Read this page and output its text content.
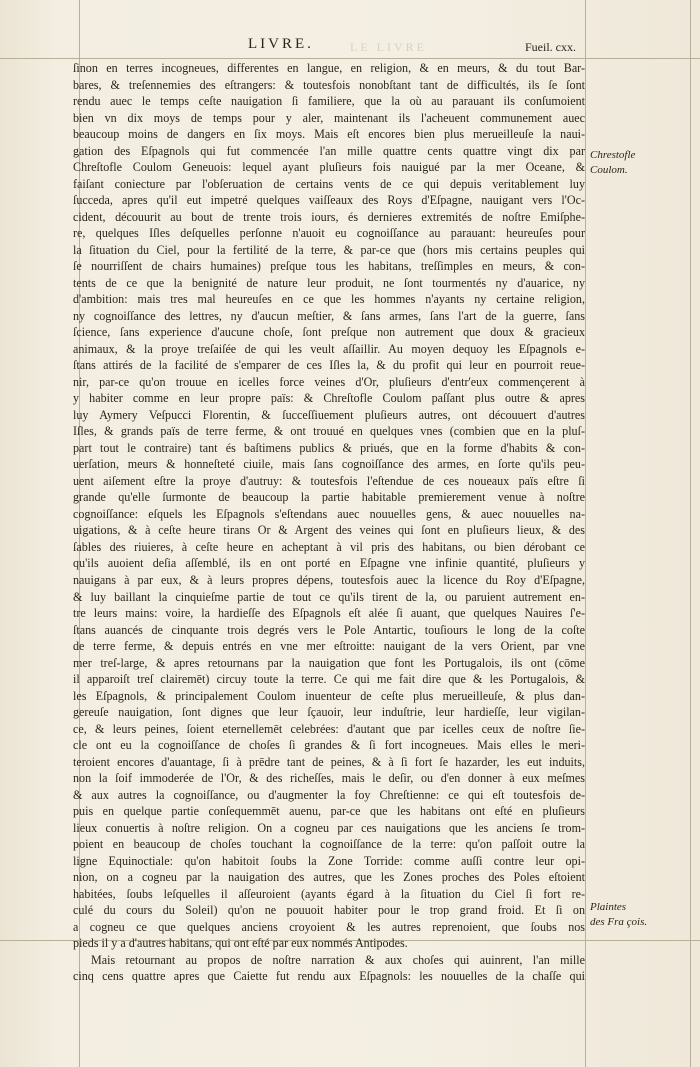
LIVRE.	LE LIVRE	Fueil. cxx.
ſinon en terres incogneues, differentes en langue, en religion, & en meurs, & du tout Bar-
bares, & treſennemies des eſtrangers: & toutesfois nonobſtant tant de difficultés, ils ſe ſont
rendu auec le temps ceſte nauigation ſi familiere, que la où au parauant ils conſumoient
bien vn dix moys de temps pour y aler, maintenant ils l'acheuent communement auec
beaucoup moins de dangers en ſix moys. Mais eſt encores bien plus merueilleuſe la naui-
gation des Eſpagnols qui fut commencée l'an mille quattre cents quattre vingt dix par
Chreſtofle Coulom Geneuois: lequel ayant pluſieurs fois nauigué par la mer Oceane, &
faiſant coniecture par l'obſeruation de certains vents de ce qui depuis veritablement luy
ſucceda, apres qu'il eut impetré quelques vaiſſeaux des Roys d'Eſpagne, nauigant vers l'Oc-
cident, découurit au bout de trente trois iours, és dernieres extremités de noſtre Emiſphe-
re, quelques Iſles deſquelles perſonne n'auoit eu cognoiſſance au parauant: heureuſes pour
la ſituation du Ciel, pour la fertilité de la terre, & par-ce que (hors mis certains peuples qui
ſe nourriſſent de chairs humaines) preſque tous les habitans, treſſimples en meurs, & con-
tents de ce que la benignité de nature leur produit, ne ſont tourmentés ny d'auarice, ny
d'ambition: mais tres mal heureuſes en ce que les hommes n'ayants ny certaine religion,
ny cognoiſſance des lettres, ny d'aucun meſtier, & ſans armes, ſans l'art de la guerre, ſans
ſcience, ſans experience d'aucune choſe, ſont preſque non autrement que doux & gracieux
animaux, & la proye treſaiſée de qui les veult aſſaillir. Au moyen dequoy les Eſpagnols e-
ſtans attirés de la facilité de s'emparer de ces Iſles la, & du profit qui leur en pourroit reue-
nir, par-ce qu'on trouue en icelles force veines d'Or, pluſieurs d'entr'eux commençerent à
y habiter comme en leur propre païs: & Chreſtofle Coulom paſſant plus outre & apres
luy Aymery Veſpucci Florentin, & ſucceſſiuement pluſieurs autres, ont découuert d'autres
Iſles, & grands païs de terre ferme, & ont trouué en quelques vnes (combien que en la pluſ-
part tout le contraire) tant és baſtimens publics & priués, que en la forme d'habits & con-
uerſation, meurs & honneſteté ciuile, mais ſans cognoiſſance des armes, en ſorte qu'ils peu-
uent aiſement eſtre la proye d'autruy: & toutesfois l'eſtendue de ces noueaux païs eſtre ſi
grande qu'elle ſurmonte de beaucoup la partie habitable premierement venue à noſtre
cognoiſſance: eſquels les Eſpagnols s'eſtendans auec nouuelles gens, & auec nouuelles na-
uigations, & à ceſte heure tirans Or & Argent des veines qui ſont en pluſieurs lieux, & des
ſables des riuieres, à ceſte heure en acheptant à vil pris des habitans, ou bien dérobant ce
qu'ils auoient deſia aſſemblé, ils en ont porté en Eſpagne vne infinie quantité, pluſieurs y
nauigans à par eux, & à leurs propres dépens, toutesfois auec la licence du Roy d'Eſpagne,
& luy baillant la cinquieſme partie de tout ce qu'ils tirent de la, ou paruient autrement en-
tre leurs mains: voire, la hardieſſe des Eſpagnols eſt alée ſi auant, que quelques Nauires ſ'e-
ſtans auancés de cinquante trois degrés vers le Pole Antartic, touſiours le long de la coſte
de terre ferme, & depuis entrés en vne mer eſtroitte: nauigant de la vers Orient, par vne
mer treſ-large, & apres retournans par la nauigation que font les Portugalois, ils ont (cōme
il apparoiſt treſ clairemēt) circuy toute la terre. Ce qui me fait dire que & les Portugalois, &
les Eſpagnols, & principalement Coulom inuenteur de ceſte plus merueilleuſe, & plus dan-
gereuſe nauigation, ſont dignes que leur ſçauoir, leur induſtrie, leur hardieſſe, leur vigilan-
ce, & leurs peines, ſoient eternellemēt celebrées: d'autant que par icelles ceux de noſtre ſie-
cle ont eu la cognoiſſance de choſes ſi grandes & ſi fort incogneues. Mais elles le meri-
teroient encores d'auantage, ſi à prēdre tant de peines, & à ſi fort ſe hazarder, les eut induits,
non la ſoif immoderée de l'Or, & des richeſſes, mais le deſir, ou d'en donner à eux meſmes
& aux autres la cognoiſſance, ou d'augmenter la foy Chreſtienne: ce qui eſt toutesfois de-
puis en quelque partie conſequemmēt auenu, par-ce que les habitans ont eſté en pluſieurs
lieux conuertis à noſtre religion. On a cogneu par ces nauigations que les anciens ſe trom-
poient en beaucoup de choſes touchant la cognoiſſance de la terre: qu'on paſſoit outre la
ligne Equinoctiale: qu'on habitoit ſoubs la Zone Torride: comme auſſi contre leur opi-
nion, on a cogneu par la nauigation des autres, que les Zones proches des Poles eſtoient
habitées, ſoubs leſquelles il aſſeuroient (ayants égard à la ſituation du Ciel ſi fort re-
culé du cours du Soleil) qu'on ne pouuoit habiter pour le trop grand froid. Et ſi on
a cogneu ce que quelques anciens croyoient & les autres reprenoient, que ſoubs nos
pieds il y a d'autres habitans, qui ont eſté par eux nommés Antipodes.
Mais retournant au propos de noſtre narration & aux choſes qui auinrent, l'an mille
cinq cens quattre apres que Caiette fut rendu aux Eſpagnols: les nouuelles de la chaſſe qui
Chrestofle
Coulom.
Plaintes
des Fra çois.
